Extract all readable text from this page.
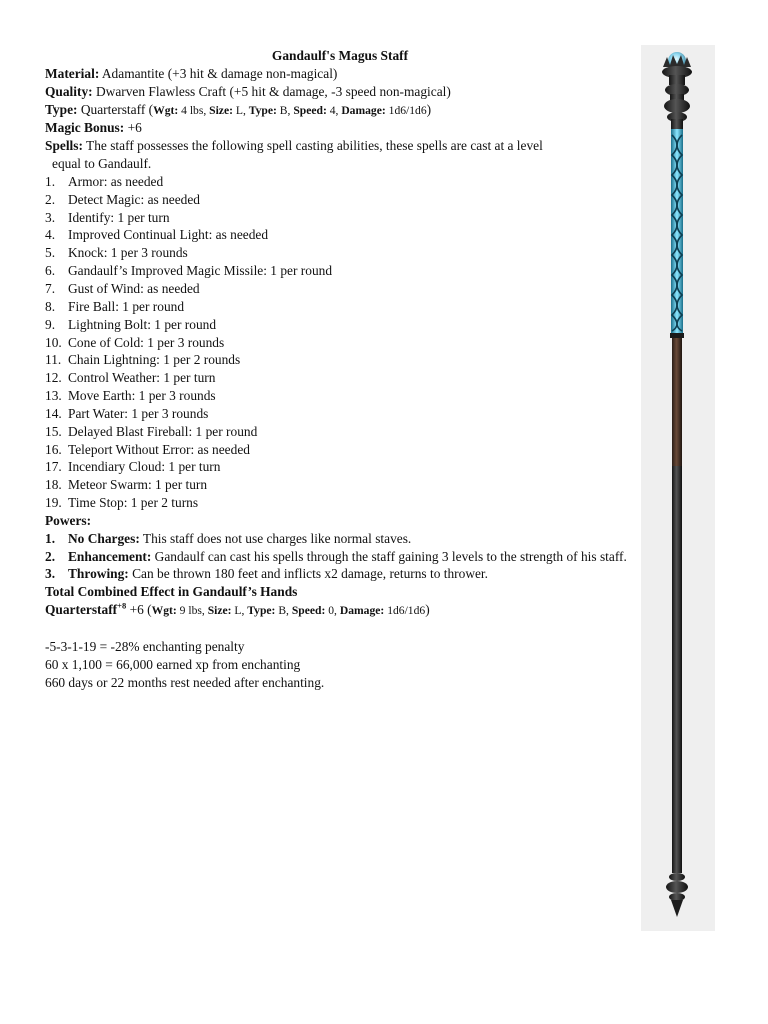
Gandaulf's Magus Staff

Material: Adamantite (+3 hit & damage non-magical)

Quality: Dwarven Flawless Craft (+5 hit & damage, -3 speed non-magical)

Type: Quarterstaff (Wgt: 4 lbs, Size: L, Type: B, Speed: 4, Damage: 1d6/1d6)

Magic Bonus: +6

Spells: The staff possesses the following spell casting abilities, these spells are cast at a level

equal to Gandaulf.

1. Armor: as needed
2. Detect Magic: as needed
3. Identify: 1 per turn
4. Improved Continual Light: as needed
5. Knock: 1 per 3 rounds
6. Gandaulf’s Improved Magic Missile: 1 per round
7. Gust of Wind: as needed
8. Fire Ball: 1 per round
9. Lightning Bolt: 1 per round
10. Cone of Cold: 1 per 3 rounds
11. Chain Lightning: 1 per 2 rounds
12. Control Weather: 1 per turn
13. Move Earth: 1 per 3 rounds
14. Part Water: 1 per 3 rounds
15. Delayed Blast Fireball: 1 per round
16. Teleport Without Error: as needed
17. Incendiary Cloud: 1 per turn
18. Meteor Swarm: 1 per turn
19. Time Stop: 1 per 2 turns

Powers:

1. No Charges: This staff does not use charges like normal staves.
2. Enhancement: Gandaulf can cast his spells through the staff gaining 3 levels to the strength of his staff.
3. Throwing: Can be thrown 180 feet and inflicts x2 damage, returns to thrower.

Total Combined Effect in Gandaulf’s Hands

Quarterstaff$^{+8}$ +6 (Wgt: 9 lbs, Size: L, Type: B, Speed: 0, Damage: 1d6/1d6)

-5-3-1-19 = -28% enchanting penalty

60 x 1,100 = 66,000 earned xp from enchanting

660 days or 22 months rest needed after enchanting.
